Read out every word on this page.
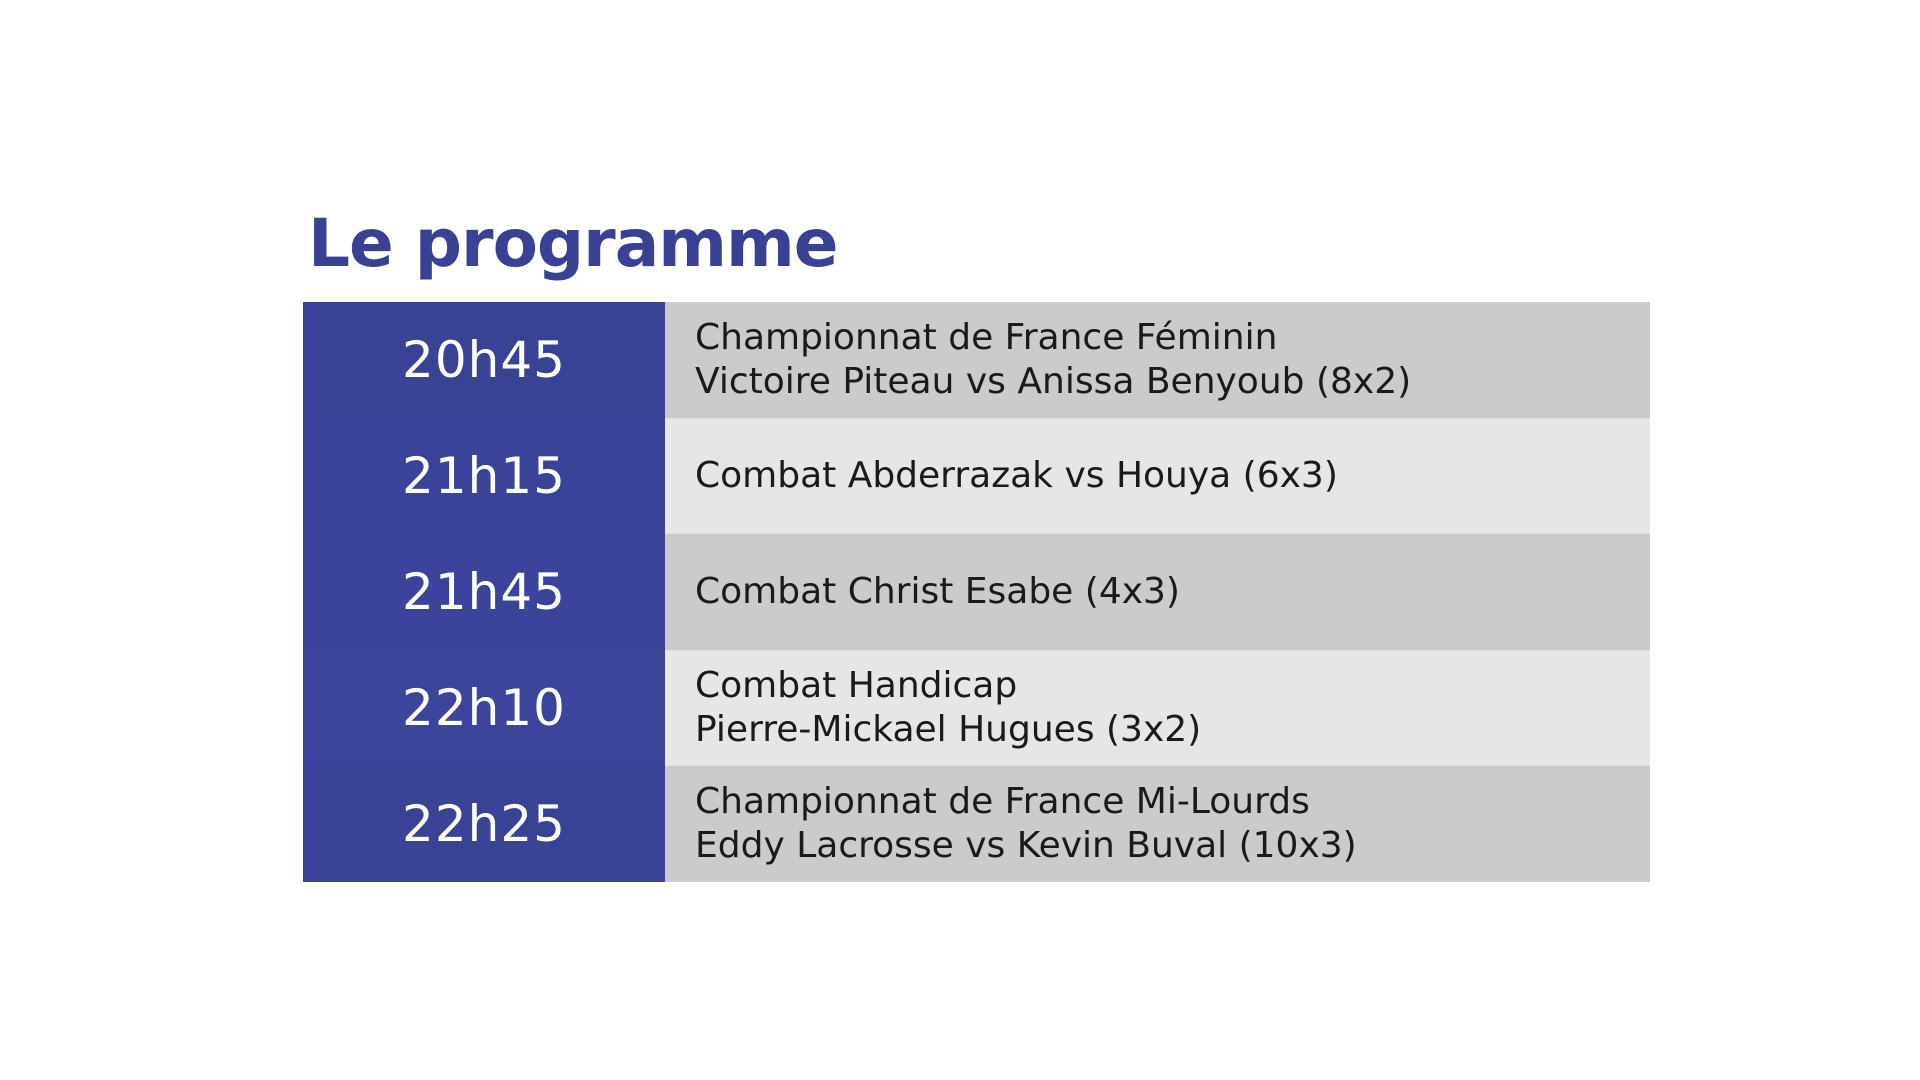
Le programme
20h45	Championnat de France Féminin
Victoire Piteau vs Anissa Benyoub (8x2)
21h15	Combat Abderrazak vs Houya (6x3)
21h45	Combat Christ Esabe (4x3)
22h10	Combat Handicap
Pierre-Mickael Hugues (3x2)
22h25	Championnat de France Mi-Lourds
Eddy Lacrosse vs Kevin Buval (10x3)
